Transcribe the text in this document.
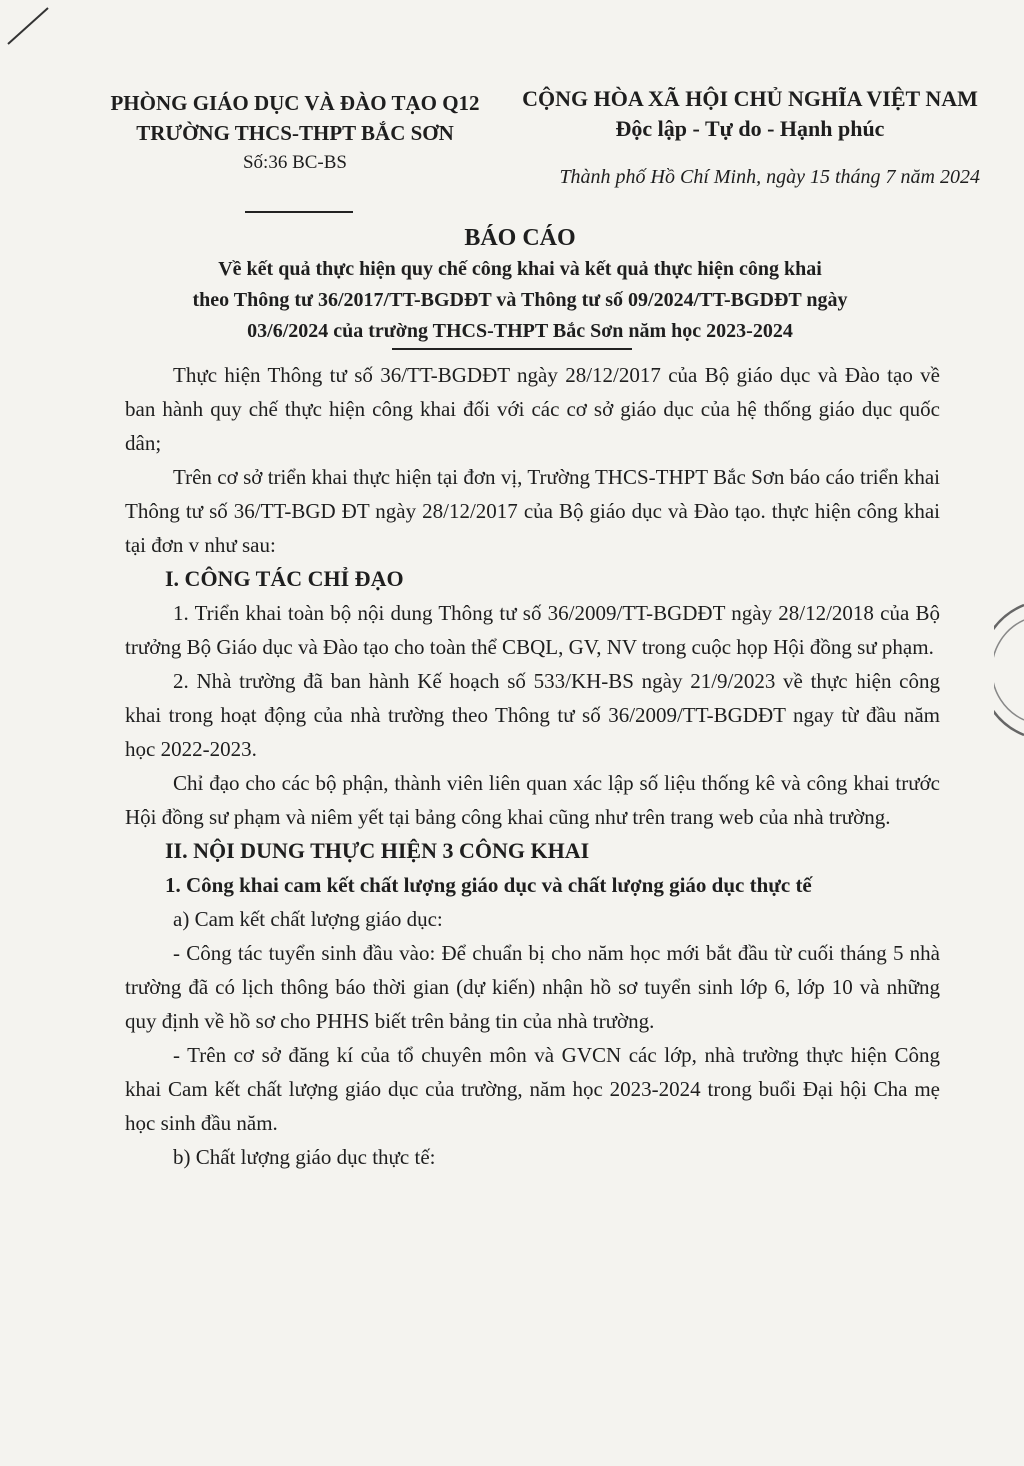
PHÒNG GIÁO DỤC VÀ ĐÀO TẠO Q12
TRƯỜNG THCS-THPT BẮC SƠN
Số:36 BC-BS
CỘNG HÒA XÃ HỘI CHỦ NGHĨA VIỆT NAM
Độc lập - Tự do - Hạnh phúc
Thành phố Hồ Chí Minh, ngày 15 tháng 7 năm 2024
BÁO CÁO
Về kết quả thực hiện quy chế công khai và kết quả thực hiện công khai
theo Thông tư 36/2017/TT-BGDĐT và Thông tư số 09/2024/TT-BGDĐT ngày
03/6/2024 của trường THCS-THPT Bắc Sơn năm học 2023-2024

Thực hiện Thông tư số 36/TT-BGDĐT ngày 28/12/2017 của Bộ giáo dục và Đào tạo về ban hành quy chế thực hiện công khai đối với các cơ sở giáo dục của hệ thống giáo dục quốc dân;

Trên cơ sở triển khai thực hiện tại đơn vị, Trường THCS-THPT Bắc Sơn báo cáo triển khai Thông tư số 36/TT-BGD ĐT ngày 28/12/2017 của Bộ giáo dục và Đào tạo. thực hiện công khai tại đơn v như sau:

I. CÔNG TÁC CHỈ ĐẠO

1. Triển khai toàn bộ nội dung Thông tư số 36/2009/TT-BGDĐT ngày 28/12/2018 của Bộ trưởng Bộ Giáo dục và Đào tạo cho toàn thể CBQL, GV, NV trong cuộc họp Hội đồng sư phạm.

2. Nhà trường đã ban hành Kế hoạch số 533/KH-BS ngày 21/9/2023 về thực hiện công khai trong hoạt động của nhà trường theo Thông tư số 36/2009/TT-BGDĐT ngay từ đầu năm học 2022-2023.

Chỉ đạo cho các bộ phận, thành viên liên quan xác lập số liệu thống kê và công khai trước Hội đồng sư phạm và niêm yết tại bảng công khai cũng như trên trang web của nhà trường.

II. NỘI DUNG THỰC HIỆN 3 CÔNG KHAI

1. Công khai cam kết chất lượng giáo dục và chất lượng giáo dục thực tế

a) Cam kết chất lượng giáo dục:

- Công tác tuyển sinh đầu vào: Để chuẩn bị cho năm học mới bắt đầu từ cuối tháng 5 nhà trường đã có lịch thông báo thời gian (dự kiến) nhận hồ sơ tuyển sinh lớp 6, lớp 10 và những quy định về hồ sơ cho PHHS biết trên bảng tin của nhà trường.

- Trên cơ sở đăng kí của tổ chuyên môn và GVCN các lớp, nhà trường thực hiện Công khai Cam kết chất lượng giáo dục của trường, năm học 2023-2024 trong buổi Đại hội Cha mẹ học sinh đầu năm.

b) Chất lượng giáo dục thực tế:
